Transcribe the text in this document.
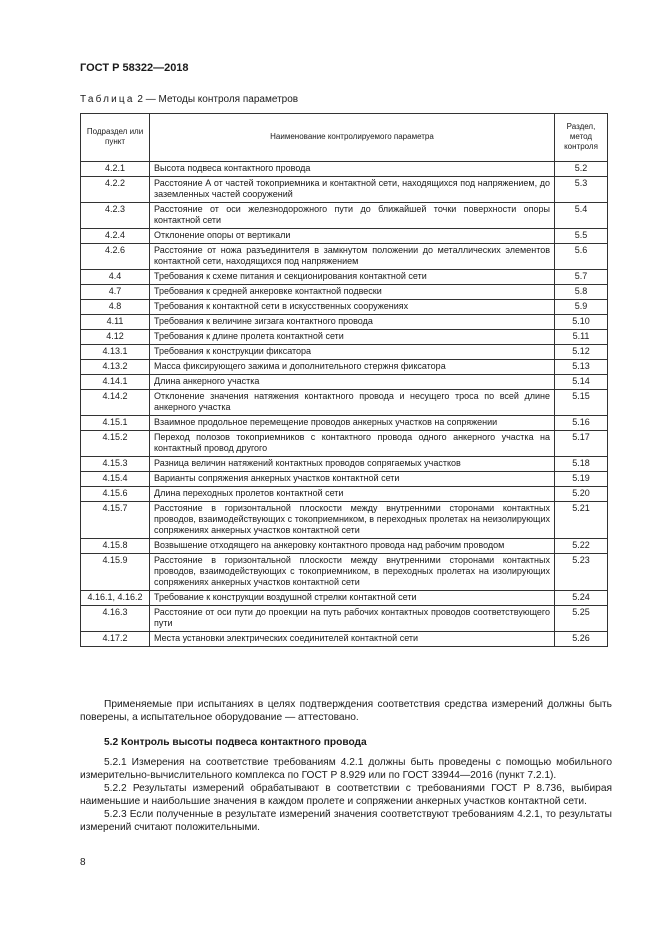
ГОСТ Р 58322—2018
Таблица 2 — Методы контроля параметров
Подраздел или пункт	Наименование контролируемого параметра	Раздел, метод контроля
4.2.1	Высота подвеса контактного провода	5.2
4.2.2	Расстояние А от частей токоприемника и контактной сети, находящихся под напряжением, до заземленных частей сооружений	5.3
4.2.3	Расстояние от оси железнодорожного пути до ближайшей точки поверхности опоры контактной сети	5.4
4.2.4	Отклонение опоры от вертикали	5.5
4.2.6	Расстояние от ножа разъединителя в замкнутом положении до металлических элементов контактной сети, находящихся под напряжением	5.6
4.4	Требования к схеме питания и секционирования контактной сети	5.7
4.7	Требования к средней анкеровке контактной подвески	5.8
4.8	Требования к контактной сети в искусственных сооружениях	5.9
4.11	Требования к величине зигзага контактного провода	5.10
4.12	Требования к длине пролета контактной сети	5.11
4.13.1	Требования к конструкции фиксатора	5.12
4.13.2	Масса фиксирующего зажима и дополнительного стержня фиксатора	5.13
4.14.1	Длина анкерного участка	5.14
4.14.2	Отклонение значения натяжения контактного провода и несущего троса по всей длине анкерного участка	5.15
4.15.1	Взаимное продольное перемещение проводов анкерных участков на сопряжении	5.16
4.15.2	Переход полозов токоприемников с контактного провода одного анкерного участка на контактный провод другого	5.17
4.15.3	Разница величин натяжений контактных проводов сопрягаемых участков	5.18
4.15.4	Варианты сопряжения анкерных участков контактной сети	5.19
4.15.6	Длина переходных пролетов контактной сети	5.20
4.15.7	Расстояние в горизонтальной плоскости между внутренними сторонами контактных проводов, взаимодействующих с токоприемником, в переходных пролетах на неизолирующих сопряжениях анкерных участков контактной сети	5.21
4.15.8	Возвышение отходящего на анкеровку контактного провода над рабочим проводом	5.22
4.15.9	Расстояние в горизонтальной плоскости между внутренними сторонами контактных проводов, взаимодействующих с токоприемником, в переходных пролетах на изолирующих сопряжениях анкерных участков контактной сети	5.23
4.16.1, 4.16.2	Требование к конструкции воздушной стрелки контактной сети	5.24
4.16.3	Расстояние от оси пути до проекции на путь рабочих контактных проводов соответствующего пути	5.25
4.17.2	Места установки электрических соединителей контактной сети	5.26
Применяемые при испытаниях в целях подтверждения соответствия средства измерений должны быть поверены, а испытательное оборудование — аттестовано.
5.2 Контроль высоты подвеса контактного провода
5.2.1 Измерения на соответствие требованиям 4.2.1 должны быть проведены с помощью мобильного измерительно-вычислительного комплекса по ГОСТ Р 8.929 или по ГОСТ 33944—2016 (пункт 7.2.1).
5.2.2 Результаты измерений обрабатывают в соответствии с требованиями ГОСТ Р 8.736, выбирая наименьшие и наибольшие значения в каждом пролете и сопряжении анкерных участков контактной сети.
5.2.3 Если полученные в результате измерений значения соответствуют требованиям 4.2.1, то результаты измерений считают положительными.
8
